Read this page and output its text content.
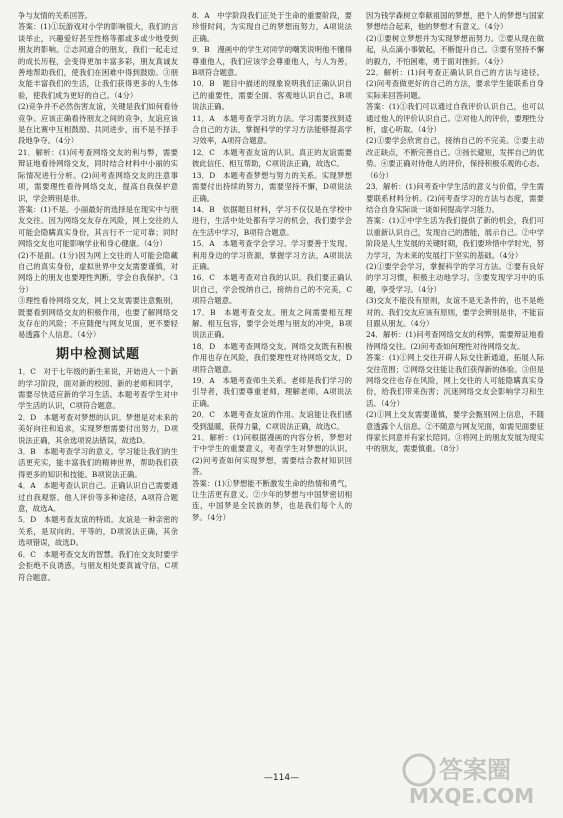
争与友情的关系回答。

答案：(1)①玩游戏对小学的影响很大，我们的言谈举止，兴趣爱好甚至性格等都或多或少地受到朋友的影响。②志同道合的朋友，我们一起走过的成长历程，会变得更加丰富多彩，朋友真诚友善地帮助我们，使我们在困难中得到鼓励。③朋友能丰富我们的生活，让我们获得更多的人生体验，使我们成为更好的自己。（4分）

(2)竞争并不必然伤害友谊，关键是我们如何看待竞争。应该正确看待朋友之间的竞争，友谊应该是在比赛中互相鼓励、共同进步，而不是不择手段地争夺。（4分）

21．解析：(1)问考查网络交友的利与弊，需要辩证地看待网络交友，同时结合材料中小丽的实际情况进行分析。(2)问考查网络交友的注意事项，需要理性看待网络交友，提高自我保护意识，学会辨别是非。

答案：(1)不是。小丽最好的选择是在现实中与朋友交往。因为网络交友存在风险，网上交往的人可能会隐瞒真实身份，其言行不一定可靠；同时网络交友也可能影响学业和身心健康。（4分）

(2)不是面。(1分)因为网上交往的人可能会隐藏自己的真实身份，虚拟世界中交友需要谨慎，对网络上的朋友也要理性判断，学会自我保护。（3分）

③理性看待网络交友，网上交友需要注意甄别，既要看到网络交友的积极作用，也要了解网络交友存在的风险；不应随便与网友见面，更不要轻易透露个人信息。（4分）

期中检测试题

1．C　对于七年级的新生来说，开始进入一个新的学习阶段，面对新的校园、新的老师和同学，需要尽快适应新的学习生活。本题考查学生对中学生活的认识，C项符合题意。

2．D　本题考查对梦想的认识。梦想是对未来的美好向往和追求，实现梦想需要付出努力，D项说法正确，其余选项说法错误，故选D。

3．B　本题考查学习的意义。学习能让我们的生活更充实，能丰富我们的精神世界，帮助我们获得更多的知识和技能。B项说法正确。

4．A　本题考查认识自己。正确认识自己需要通过自我观察、他人评价等多种途径，A项符合题意，故选A。

5．D　本题考查友谊的特质。友谊是一种亲密的关系，是双向的、平等的，D项说法正确，其余选项错误，故选D。

6．C　本题考查交友的智慧。我们在交友时要学会拒绝不良诱惑，与朋友相处要真诚守信，C项符合题意。

8．A　中学阶段我们正处于生命的重要阶段，要珍惜时间，为实现自己的梦想而努力，A项说法正确。

9．B　漫画中的学生对同学的嘲笑说明他不懂得尊重他人，我们应该学会尊重他人，与人为善，B项符合题意。

10．B　题目中描述的现象说明我们正确认识自己的重要性，需要全面、客观地认识自己，B项说法正确。

11．A　本题考查学习的方法。学习需要找到适合自己的方法，掌握科学的学习方法能够提高学习效率，A项符合题意。

12．C　本题考查友谊的认识。真正的友谊需要彼此信任、相互帮助，C项说法正确，故选C。

13．D　本题考查梦想与努力的关系。实现梦想需要付出持续的努力，需要坚持不懈，D项说法正确。

14．B　依据题目材料，学习不仅仅是在学校中进行，生活中处处都有学习的机会，我们要学会在生活中学习，B项符合题意。

15．A　本题考查学会学习。学习要善于发现、利用身边的学习资源，掌握学习方法，A项说法正确。

16．C　本题考查对自我的认识。我们要正确认识自己，学会悦纳自己，接纳自己的不完美，C项符合题意。

17．B　本题考查交友。朋友之间需要相互理解、相互包容，要学会处理与朋友的冲突，B项说法正确。

18．D　本题考查网络交友。网络交友既有积极作用也存在风险，我们要理性对待网络交友，D项符合题意。

19．A　本题考查师生关系。老师是我们学习的引导者，我们要尊重老师，理解老师，A项说法正确。

20．C　本题考查友谊的作用。友谊能让我们感受到温暖，获得力量，C项说法正确，故选C。

21．解析：(1)问根据漫画的内容分析，梦想对于中学生的重要意义，考查学生对梦想的认识。(2)问考查如何实现梦想，需要结合教材知识回答。

答案：(1)①梦想能不断激发生命的热情和勇气，让生活更有意义。②少年的梦想与中国梦密切相连，中国梦是全民族的梦，也是我们每个人的梦。（4分）

因为钱学森树立奉献祖国的梦想，把个人的梦想与国家梦想结合起来，他的梦想才有意义。（4分）

(2)①要树立梦想并为实现梦想而努力。②要从现在做起，从点滴小事做起，不断提升自己。③要有坚持不懈的毅力，不怕困难，勇于面对挫折。（4分）

22．解析：(1)问考查正确认识自己的方法与途径。(2)问考查做更好的自己的方法，要求学生能联系自身实际来回答问题。

答案：(1)①我们可以通过自我评价认识自己，也可以通过他人的评价认识自己。②对他人的评价，要理性分析，虚心听取。（4分）

(2)①要学会欣赏自己，接纳自己的不完美。②要主动改正缺点，不断完善自己。③扬长避短，发挥自己的优势。④要正确对待他人的评价，保持积极乐观的心态。（6分）

23．解析：(1)问考查中学生活的意义与价值，学生需要联系材料分析。(2)问考查学习的方法与态度，需要结合自身实际谈一谈如何提高学习能力。

答案：(1)①中学生活为我们提供了新的机会，我们可以重新认识自己，发现自己的潜能，展示自己。②中学阶段是人生发展的关键时期，我们要珍惜中学时光，努力学习，为未来的发展打下坚实的基础。（4分）

(2)①要学会学习，掌握科学的学习方法。②要有良好的学习习惯，积极主动地学习。③要发现学习中的乐趣，享受学习。（4分）

(3)交友不能没有原则，友谊不是无条件的，也不是绝对的。我们交友应该有原则，要学会辨别是非，不能盲目跟从朋友。（4分）

24．解析：(1)问考查网络交友的利弊，需要辩证地看待网络交往。(2)问考查如何理性对待网络交友。

答案：(1)①网上交往开辟人际交往新通道，拓展人际交往范围；②网络交往能让我们获得新的体验。③但是网络交往也存在风险，网上交往的人可能隐瞒真实身份，给我们带来伤害；沉迷网络交友会影响学习和生活。（4分）

(2)①网上交友需要谨慎，要学会甄别网上信息，不随意透露个人信息。②不随意与网友见面，如需见面要征得家长同意并有家长陪同。③将网上的朋友发展为现实中的朋友，需要慎重。（8分）

—114—	答案圈
MXQE.COM
